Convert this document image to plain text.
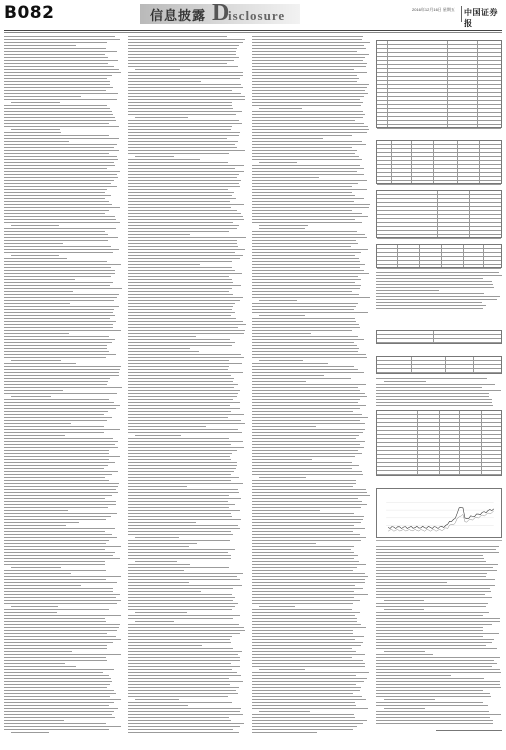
B082	信息披露 D
isclosure	2016年12月16日 星期五 中国证券报
